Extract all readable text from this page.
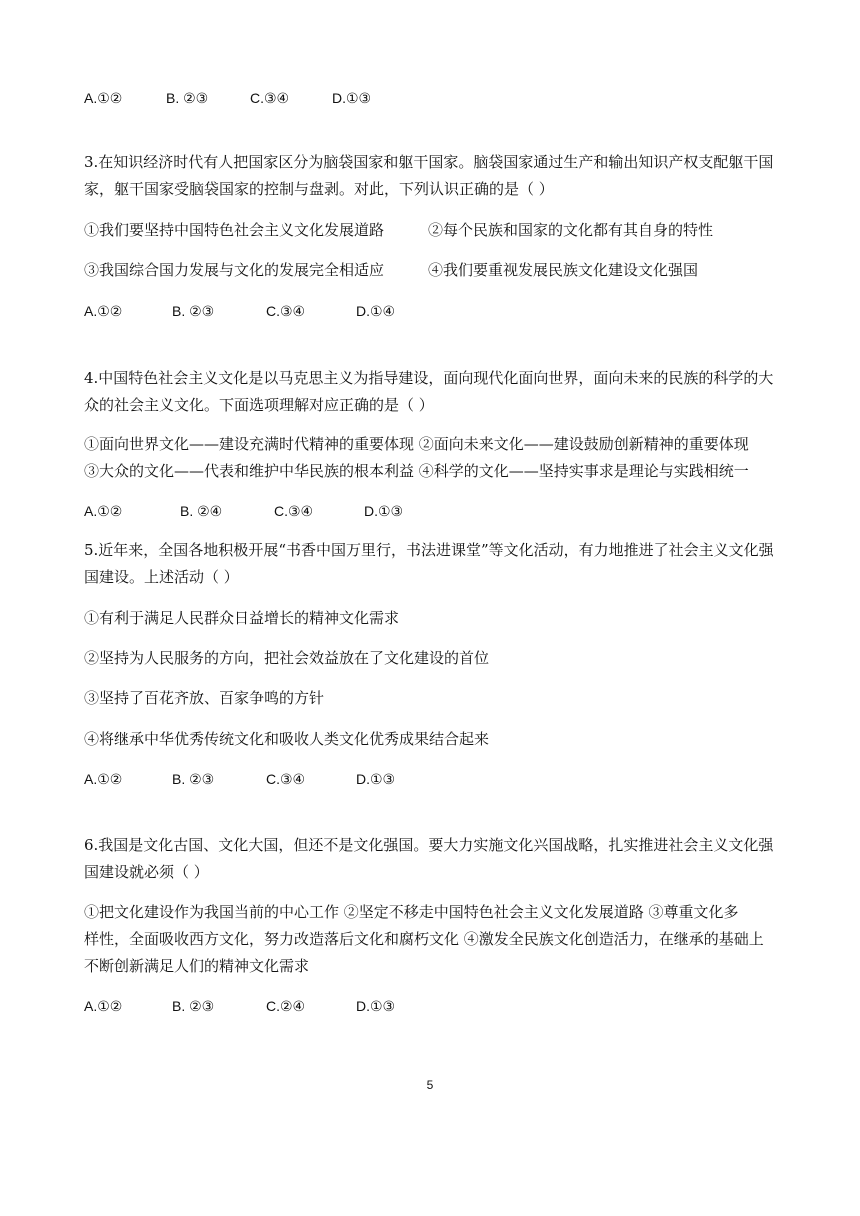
A.①②	B. ②③	C.③④	D.①③
3.在知识经济时代有人把国家区分为脑袋国家和躯干国家。脑袋国家通过生产和输出知识产权支配躯干国
家，躯干国家受脑袋国家的控制与盘剥。对此，下列认识正确的是（ ）
①我们要坚持中国特色社会主义文化发展道路	②每个民族和国家的文化都有其自身的特性
③我国综合国力发展与文化的发展完全相适应	④我们要重视发展民族文化建设文化强国
A.①②	B. ②③	C.③④	D.①④
4.中国特色社会主义文化是以马克思主义为指导建设，面向现代化面向世界，面向未来的民族的科学的大
众的社会主义文化。下面选项理解对应正确的是（ ）
①面向世界文化——建设充满时代精神的重要体现 ②面向未来文化——建设鼓励创新精神的重要体现
③大众的文化——代表和维护中华民族的根本利益 ④科学的文化——坚持实事求是理论与实践相统一
A.①②	B. ②④	C.③④	D.①③
5.近年来，全国各地积极开展“书香中国万里行，书法进课堂”等文化活动，有力地推进了社会主义文化强
国建设。上述活动（ ）
①有利于满足人民群众日益增长的精神文化需求
②坚持为人民服务的方向，把社会效益放在了文化建设的首位
③坚持了百花齐放、百家争鸣的方针
④将继承中华优秀传统文化和吸收人类文化优秀成果结合起来
A.①②	B. ②③	C.③④	D.①③
6.我国是文化古国、文化大国，但还不是文化强国。要大力实施文化兴国战略，扎实推进社会主义文化强
国建设就必须（ ）
①把文化建设作为我国当前的中心工作 ②坚定不移走中国特色社会主义文化发展道路 ③尊重文化多
样性，全面吸收西方文化，努力改造落后文化和腐朽文化 ④激发全民族文化创造活力，在继承的基础上
不断创新满足人们的精神文化需求
A.①②	B. ②③	C.②④	D.①③
5
